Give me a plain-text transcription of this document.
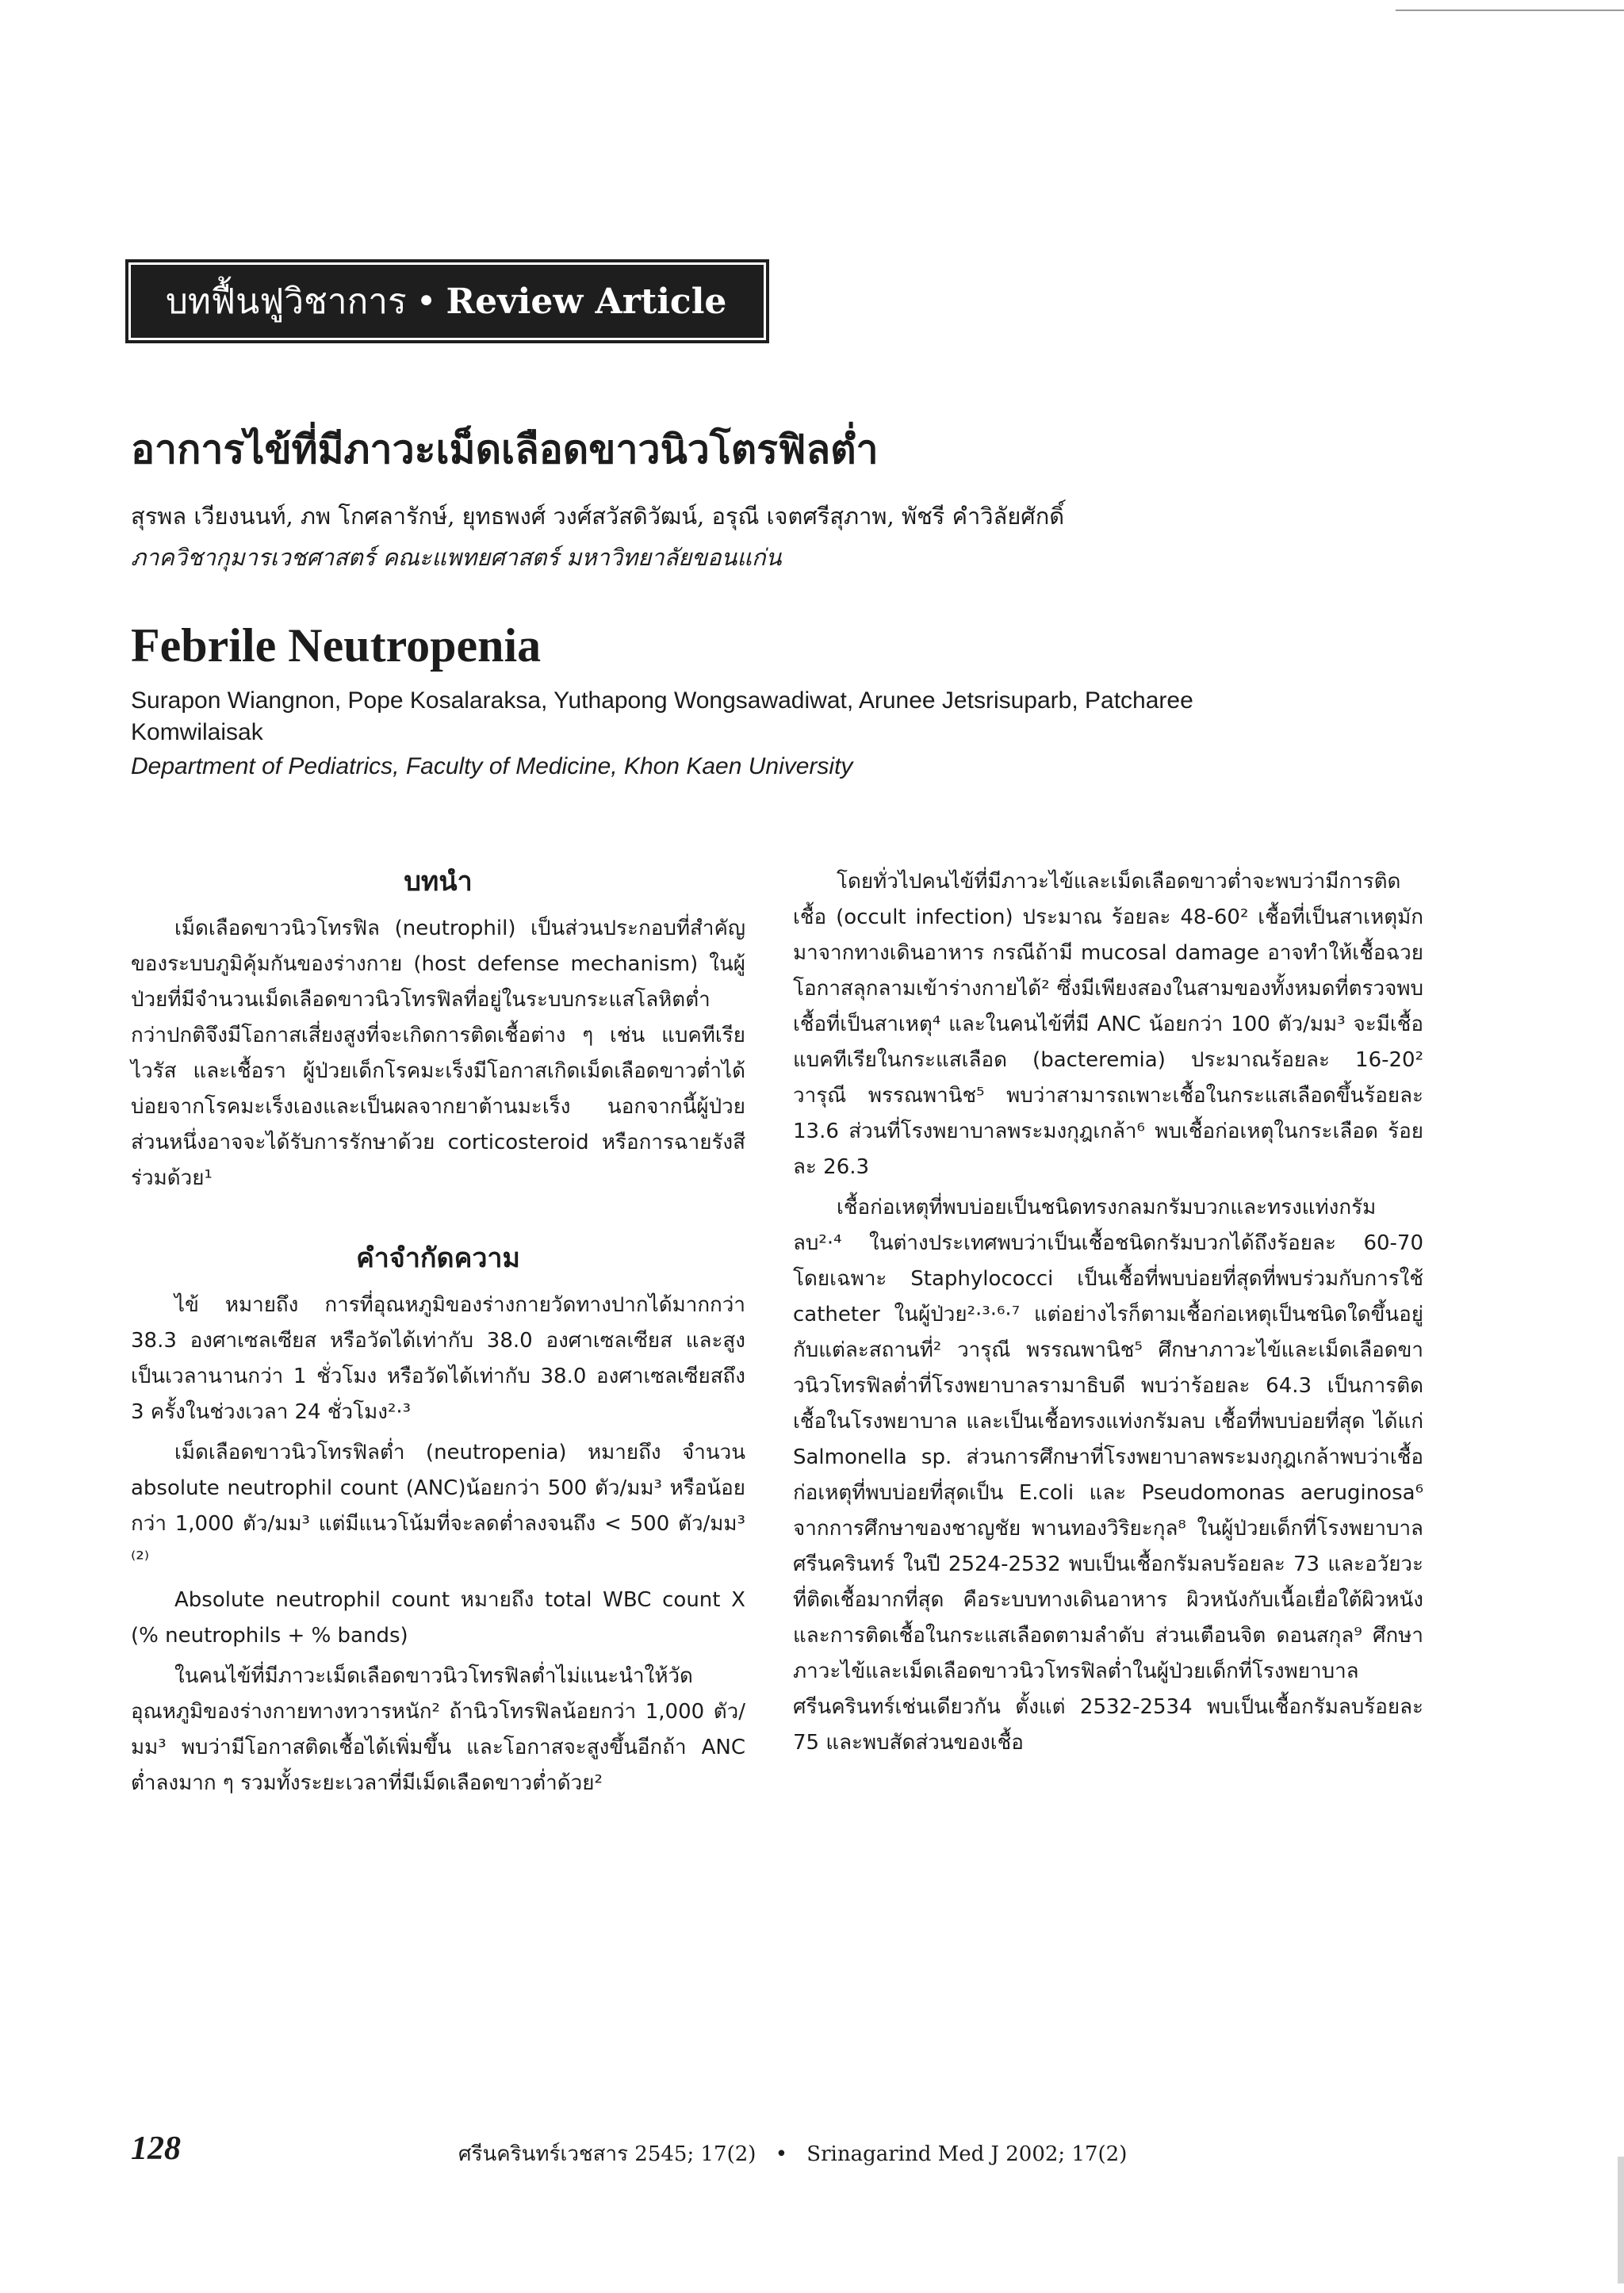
บทฟื้นฟูวิชาการ • Review Article
อาการไข้ที่มีภาวะเม็ดเลือดขาวนิวโตรฟิลต่ำ
สุรพล เวียงนนท์, ภพ โกศลารักษ์, ยุทธพงศ์ วงศ์สวัสดิวัฒน์, อรุณี เจตศรีสุภาพ, พัชรี คำวิลัยศักดิ์
ภาควิชากุมารเวชศาสตร์ คณะแพทยศาสตร์ มหาวิทยาลัยขอนแก่น
Febrile Neutropenia
Surapon Wiangnon, Pope Kosalaraksa, Yuthapong Wongsawadiwat, Arunee Jetsrisuparb, Patcharee Komwilaisak
Department of Pediatrics, Faculty of Medicine, Khon Kaen University
บทนำ

เม็ดเลือดขาวนิวโทรฟิล (neutrophil) เป็นส่วนประกอบที่สำคัญของระบบภูมิคุ้มกันของร่างกาย (host defense mechanism) ในผู้ป่วยที่มีจำนวนเม็ดเลือดขาวนิวโทรฟิลที่อยู่ในระบบกระแสโลหิตต่ำกว่าปกติจึงมีโอกาสเสี่ยงสูงที่จะเกิดการติดเชื้อต่าง ๆ เช่น แบคทีเรีย ไวรัส และเชื้อรา ผู้ป่วยเด็กโรคมะเร็งมีโอกาสเกิดเม็ดเลือดขาวต่ำได้บ่อยจากโรคมะเร็งเองและเป็นผลจากยาต้านมะเร็ง นอกจากนี้ผู้ป่วยส่วนหนึ่งอาจจะได้รับการรักษาด้วย corticosteroid หรือการฉายรังสีร่วมด้วย¹

คำจำกัดความ

ไข้ หมายถึง การที่อุณหภูมิของร่างกายวัดทางปากได้มากกว่า 38.3 องศาเซลเซียส หรือวัดได้เท่ากับ 38.0 องศาเซลเซียส และสูงเป็นเวลานานกว่า 1 ชั่วโมง หรือวัดได้เท่ากับ 38.0 องศาเซลเซียสถึง 3 ครั้งในช่วงเวลา 24 ชั่วโมง²·³

เม็ดเลือดขาวนิวโทรฟิลต่ำ (neutropenia) หมายถึง จำนวน absolute neutrophil count (ANC)น้อยกว่า 500 ตัว/มม³ หรือน้อยกว่า 1,000 ตัว/มม³ แต่มีแนวโน้มที่จะลดต่ำลงจนถึง < 500 ตัว/มม³ ⁽²⁾

Absolute neutrophil count หมายถึง total WBC count X (% neutrophils + % bands)

ในคนไข้ที่มีภาวะเม็ดเลือดขาวนิวโทรฟิลต่ำไม่แนะนำให้วัดอุณหภูมิของร่างกายทางทวารหนัก² ถ้านิวโทรฟิลน้อยกว่า 1,000 ตัว/มม³ พบว่ามีโอกาสติดเชื้อได้เพิ่มขึ้น และโอกาสจะสูงขึ้นอีกถ้า ANC ต่ำลงมาก ๆ รวมทั้งระยะเวลาที่มีเม็ดเลือดขาวต่ำด้วย²

โดยทั่วไปคนไข้ที่มีภาวะไข้และเม็ดเลือดขาวต่ำจะพบว่ามีการติดเชื้อ (occult infection) ประมาณ ร้อยละ 48-60² เชื้อที่เป็นสาเหตุมักมาจากทางเดินอาหาร กรณีถ้ามี mucosal damage อาจทำให้เชื้อฉวยโอกาสลุกลามเข้าร่างกายได้² ซึ่งมีเพียงสองในสามของทั้งหมดที่ตรวจพบเชื้อที่เป็นสาเหตุ⁴ และในคนไข้ที่มี ANC น้อยกว่า 100 ตัว/มม³ จะมีเชื้อแบคทีเรียในกระแสเลือด (bacteremia) ประมาณร้อยละ 16-20² วารุณี พรรณพานิช⁵ พบว่าสามารถเพาะเชื้อในกระแสเลือดขึ้นร้อยละ 13.6 ส่วนที่โรงพยาบาลพระมงกุฎเกล้า⁶ พบเชื้อก่อเหตุในกระเลือด ร้อยละ 26.3

เชื้อก่อเหตุที่พบบ่อยเป็นชนิดทรงกลมกรัมบวกและทรงแท่งกรัมลบ²·⁴ ในต่างประเทศพบว่าเป็นเชื้อชนิดกรัมบวกได้ถึงร้อยละ 60-70 โดยเฉพาะ Staphylococci เป็นเชื้อที่พบบ่อยที่สุดที่พบร่วมกับการใช้ catheter ในผู้ป่วย²·³·⁶·⁷ แต่อย่างไรก็ตามเชื้อก่อเหตุเป็นชนิดใดขึ้นอยู่กับแต่ละสถานที่² วารุณี พรรณพานิช⁵ ศึกษาภาวะไข้และเม็ดเลือดขาวนิวโทรฟิลต่ำที่โรงพยาบาลรามาธิบดี พบว่าร้อยละ 64.3 เป็นการติดเชื้อในโรงพยาบาล และเป็นเชื้อทรงแท่งกรัมลบ เชื้อที่พบบ่อยที่สุด ได้แก่ Salmonella sp. ส่วนการศึกษาที่โรงพยาบาลพระมงกุฎเกล้าพบว่าเชื้อก่อเหตุที่พบบ่อยที่สุดเป็น E.coli และ Pseudomonas aeruginosa⁶ จากการศึกษาของชาญชัย พานทองวิริยะกุล⁸ ในผู้ป่วยเด็กที่โรงพยาบาลศรีนครินทร์ ในปี 2524-2532 พบเป็นเชื้อกรัมลบร้อยละ 73 และอวัยวะที่ติดเชื้อมากที่สุด คือระบบทางเดินอาหาร ผิวหนังกับเนื้อเยื่อใต้ผิวหนังและการติดเชื้อในกระแสเลือดตามลำดับ ส่วนเตือนจิต ดอนสกุล⁹ ศึกษาภาวะไข้และเม็ดเลือดขาวนิวโทรฟิลต่ำในผู้ป่วยเด็กที่โรงพยาบาลศรีนครินทร์เช่นเดียวกัน ตั้งแต่ 2532-2534 พบเป็นเชื้อกรัมลบร้อยละ 75 และพบสัดส่วนของเชื้อ

128	ศรีนครินทร์เวชสาร 2545; 17(2) • Srinagarind Med J 2002; 17(2)
